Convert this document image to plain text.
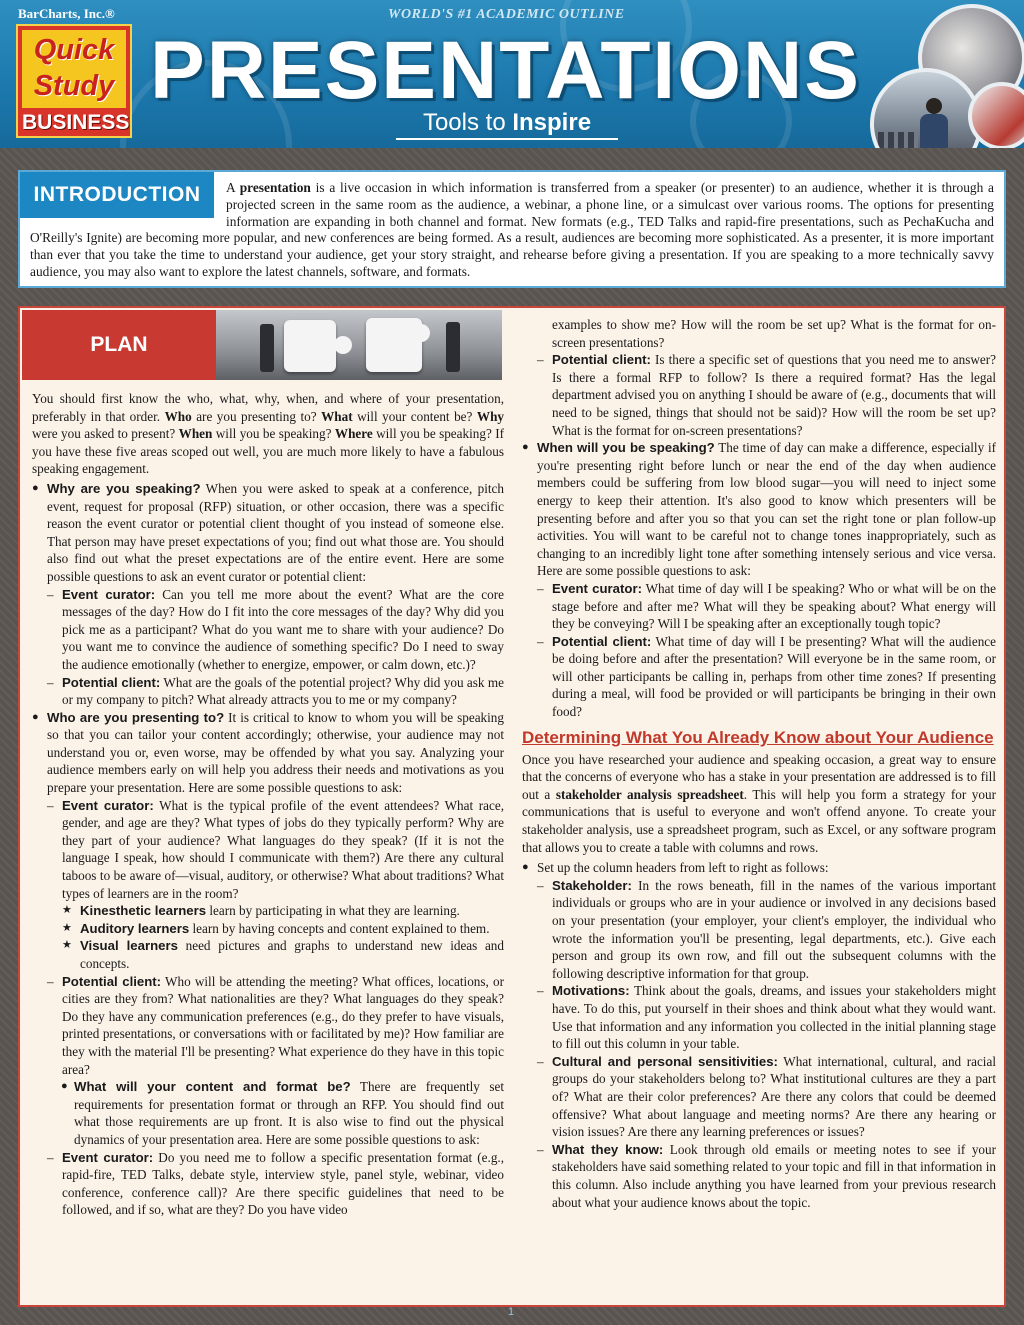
BarCharts, Inc.®	WORLD'S #1 ACADEMIC OUTLINE
Quick Study
BUSINESS
PRESENTATIONS
Tools to Inspire
INTRODUCTION	A presentation is a live occasion in which information is transferred from a speaker (or presenter) to an audience, whether it is through a projected screen in the same room as the audience, a webinar, a phone line, or a simulcast over various rooms. The options for presenting information are expanding in both channel and format. New formats (e.g., TED Talks and rapid-fire presentations, such as PechaKucha and O'Reilly's Ignite) are becoming more popular, and new conferences are being formed. As a result, audiences are becoming more sophisticated. As a presenter, it is more important than ever that you take the time to understand your audience, get your story straight, and rehearse before giving a presentation. If you are speaking to a more technically savvy audience, you may also want to explore the latest channels, software, and formats.
PLAN

You should first know the who, what, why, when, and where of your presentation, preferably in that order. Who are you presenting to? What will your content be? Why were you asked to present? When will you be speaking? Where will you be speaking? If you have these five areas scoped out well, you are much more likely to have a fabulous speaking engagement.

● Why are you speaking? When you were asked to speak at a conference, pitch event, request for proposal (RFP) situation, or other occasion, there was a specific reason the event curator or potential client thought of you instead of someone else. That person may have preset expectations of you; find out what those are. You should also find out what the preset expectations are of the entire event. Here are some possible questions to ask an event curator or potential client:

– Event curator: Can you tell me more about the event? What are the core messages of the day? How do I fit into the core messages of the day? Why did you pick me as a participant? What do you want me to share with your audience? Do you want me to convince the audience of something specific? Do I need to sway the audience emotionally (whether to energize, empower, or calm down, etc.)?

– Potential client: What are the goals of the potential project? Why did you ask me or my company to pitch? What already attracts you to me or my company?

● Who are you presenting to? It is critical to know to whom you will be speaking so that you can tailor your content accordingly; otherwise, your audience may not understand you or, even worse, may be offended by what you say. Analyzing your audience members early on will help you address their needs and motivations as you prepare your presentation. Here are some possible questions to ask:

– Event curator: What is the typical profile of the event attendees? What race, gender, and age are they? What types of jobs do they typically perform? Why are they part of your audience? What languages do they speak? (If it is not the language I speak, how should I communicate with them?) Are there any cultural taboos to be aware of—visual, auditory, or otherwise? What about traditions? What types of learners are in the room?

★ Kinesthetic learners learn by participating in what they are learning.

★ Auditory learners learn by having concepts and content explained to them.

★ Visual learners need pictures and graphs to understand new ideas and concepts.

– Potential client: Who will be attending the meeting? What offices, locations, or cities are they from? What nationalities are they? What languages do they speak? Do they have any communication preferences (e.g., do they prefer to have visuals, printed presentations, or conversations with or facilitated by me)? How familiar are they with the material I'll be presenting? What experience do they have in this topic area?

● What will your content and format be? There are frequently set requirements for presentation format or through an RFP. You should find out what those requirements are up front. It is also wise to find out the physical dynamics of your presentation area. Here are some possible questions to ask:

– Event curator: Do you need me to follow a specific presentation format (e.g., rapid-fire, TED Talks, debate style, interview style, panel style, webinar, video conference, conference call)? Are there specific guidelines that need to be followed, and if so, what are they? Do you have video

examples to show me? How will the room be set up? What is the format for on-screen presentations?

– Potential client: Is there a specific set of questions that you need me to answer? Is there a formal RFP to follow? Is there a required format? Has the legal department advised you on anything I should be aware of (e.g., documents that will need to be signed, things that should not be said)? How will the room be set up? What is the format for on-screen presentations?

● When will you be speaking? The time of day can make a difference, especially if you're presenting right before lunch or near the end of the day when audience members could be suffering from low blood sugar—you will need to inject some energy to keep their attention. It's also good to know which presenters will be presenting before and after you so that you can set the right tone or plan follow-up activities. You will want to be careful not to change tones inappropriately, such as changing to an incredibly light tone after something intensely serious and vice versa. Here are some possible questions to ask:

– Event curator: What time of day will I be speaking? Who or what will be on the stage before and after me? What will they be speaking about? What energy will they be conveying? Will I be speaking after an exceptionally tough topic?

– Potential client: What time of day will I be presenting? What will the audience be doing before and after the presentation? Will everyone be in the same room, or will other participants be calling in, perhaps from other time zones? If presenting during a meal, will food be provided or will participants be bringing in their own food?

Determining What You Already Know about Your Audience

Once you have researched your audience and speaking occasion, a great way to ensure that the concerns of everyone who has a stake in your presentation are addressed is to fill out a stakeholder analysis spreadsheet. This will help you form a strategy for your communications that is useful to everyone and won't offend anyone. To create your stakeholder analysis, use a spreadsheet program, such as Excel, or any software program that allows you to create a table with columns and rows.

● Set up the column headers from left to right as follows:

– Stakeholder: In the rows beneath, fill in the names of the various important individuals or groups who are in your audience or involved in any decisions based on your presentation (your employer, your client's employer, the individual who wrote the information you'll be presenting, legal departments, etc.). Give each person and group its own row, and fill out the subsequent columns with the following descriptive information for that group.

– Motivations: Think about the goals, dreams, and issues your stakeholders might have. To do this, put yourself in their shoes and think about what they would want. Use that information and any information you collected in the initial planning stage to fill out this column in your table.

– Cultural and personal sensitivities: What international, cultural, and racial groups do your stakeholders belong to? What institutional cultures are they a part of? What are their color preferences? Are there any colors that could be deemed offensive? What about language and meeting norms? Are there any hearing or vision issues? Are there any learning preferences or issues?

– What they know: Look through old emails or meeting notes to see if your stakeholders have said something related to your topic and fill in that information in this column. Also include anything you have learned from your previous research about what your audience knows about the topic.

1
